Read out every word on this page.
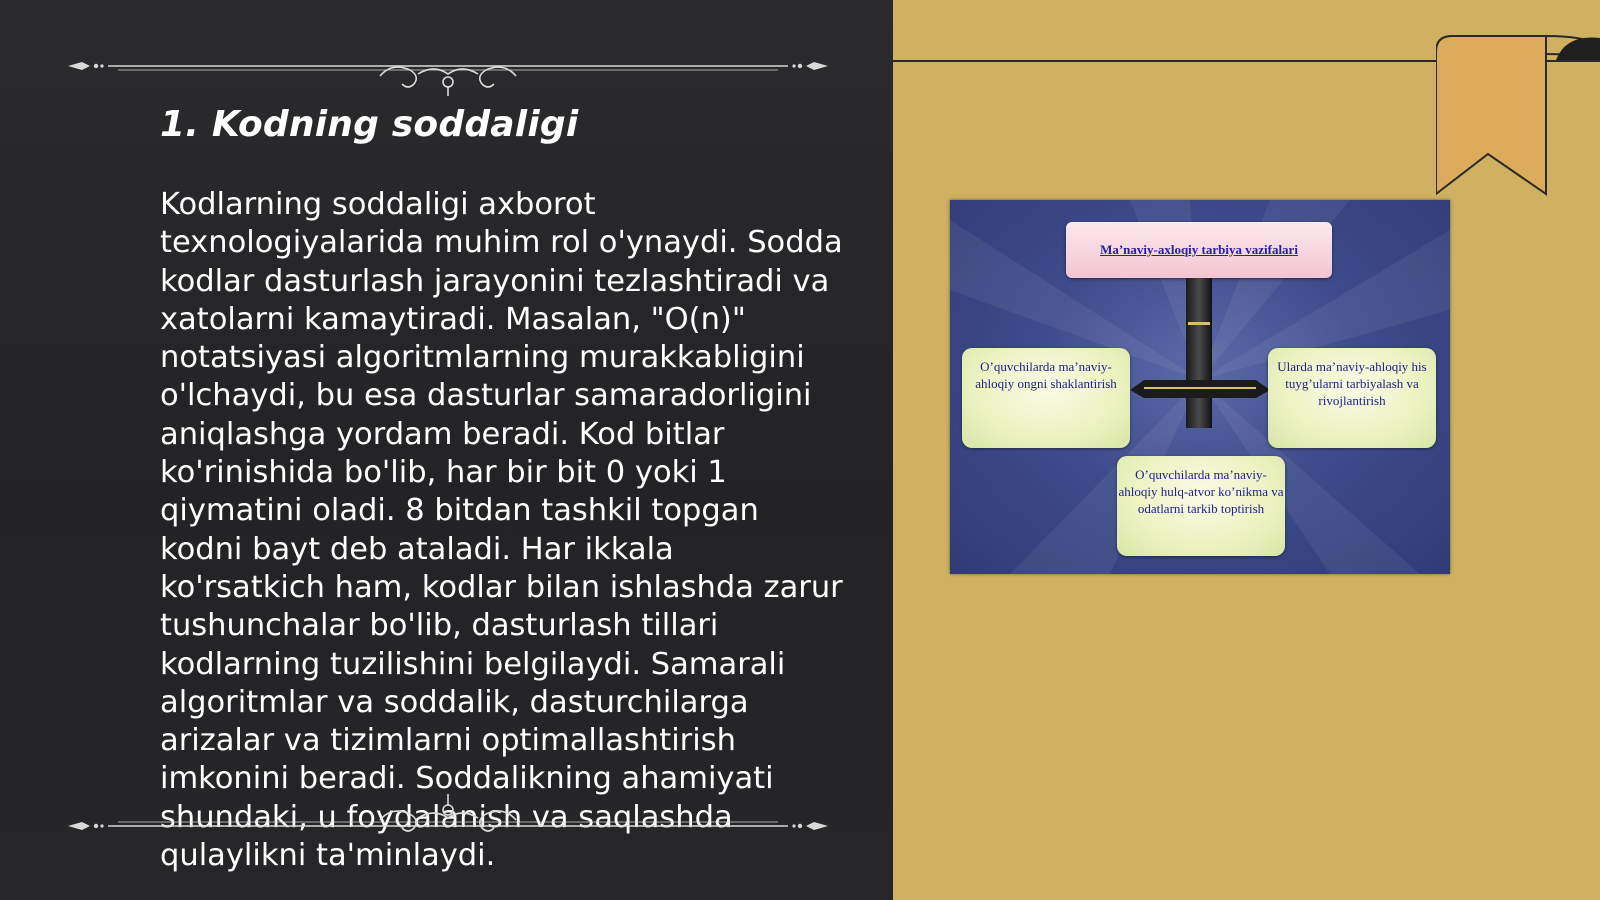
1. Kodning soddaligi

Kodlarning soddaligi axborot texnologiyalarida muhim rol o'ynaydi. Sodda kodlar dasturlash jarayonini tezlashtiradi va xatolarni kamaytiradi. Masalan, "O(n)" notatsiyasi algoritmlarning murakkabligini o'lchaydi, bu esa dasturlar samaradorligini aniqlashga yordam beradi. Kod bitlar ko'rinishida bo'lib, har bir bit 0 yoki 1 qiymatini oladi. 8 bitdan tashkil topgan kodni bayt deb ataladi. Har ikkala ko'rsatkich ham, kodlar bilan ishlashda zarur tushunchalar bo'lib, dasturlash tillari kodlarning tuzilishini belgilaydi. Samarali algoritmlar va soddalik, dasturchilarga arizalar va tizimlarni optimallashtirish imkonini beradi. Soddalikning ahamiyati shundaki, u foydalanish va saqlashda qulaylikni ta'minlaydi.

Ma’naviy-axloqiy tarbiya vazifalari
O’quvchilarda ma’naviy-ahloqiy ongni shaklantirish
Ularda ma’naviy-ahloqiy his tuyg’ularni tarbiyalash va rivojlantirish
O’quvchilarda ma’naviy-ahloqiy hulq-atvor ko’nikma va odatlarni tarkib toptirish
